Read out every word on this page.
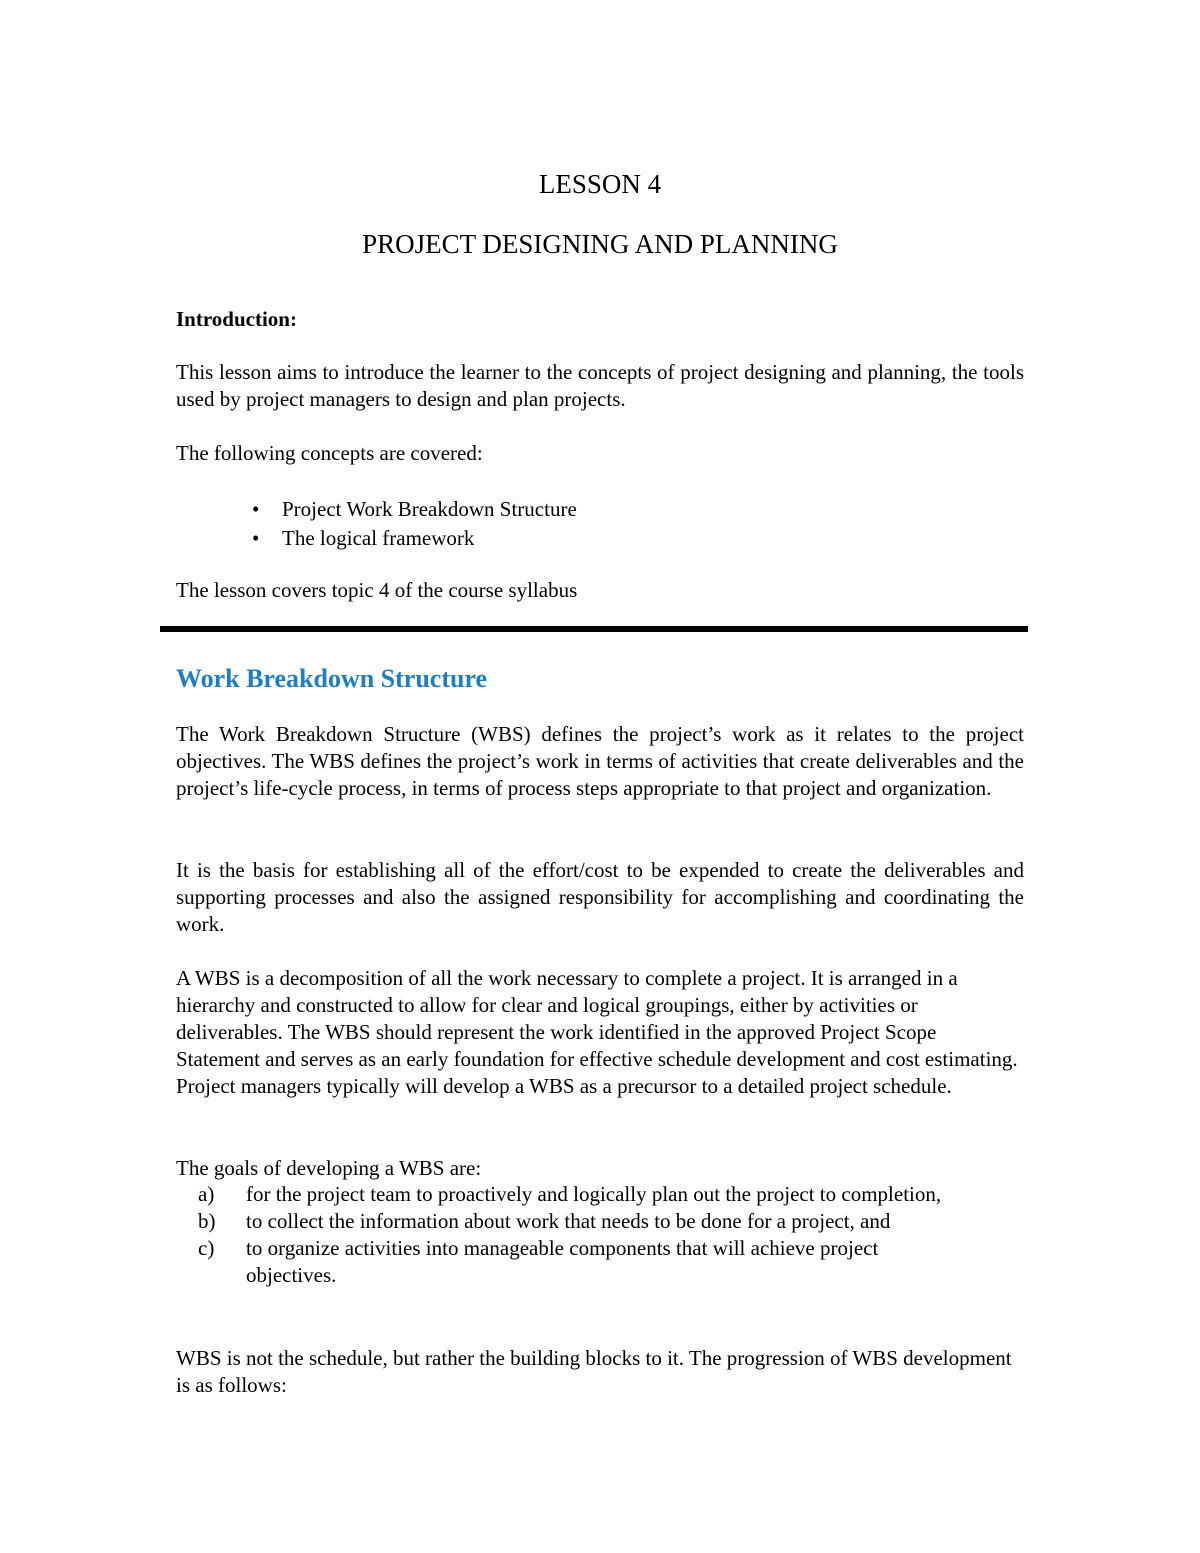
LESSON 4
PROJECT DESIGNING AND PLANNING

Introduction:

This lesson aims to introduce the learner to the concepts of project designing and planning, the tools used by project managers to design and plan projects.

The following concepts are covered:

• Project Work Breakdown Structure
• The logical framework

The lesson covers topic 4 of the course syllabus

Work Breakdown Structure

The Work Breakdown Structure (WBS) defines the project’s work as it relates to the project objectives. The WBS defines the project’s work in terms of activities that create deliverables and the project’s life-cycle process, in terms of process steps appropriate to that project and organization.

It is the basis for establishing all of the effort/cost to be expended to create the deliverables and supporting processes and also the assigned responsibility for accomplishing and coordinating the work.

A WBS is a decomposition of all the work necessary to complete a project. It is arranged in a hierarchy and constructed to allow for clear and logical groupings, either by activities or deliverables. The WBS should represent the work identified in the approved Project Scope Statement and serves as an early foundation for effective schedule development and cost estimating. Project managers typically will develop a WBS as a precursor to a detailed project schedule.

The goals of developing a WBS are:

a) for the project team to proactively and logically plan out the project to completion,
b) to collect the information about work that needs to be done for a project, and
c) to organize activities into manageable components that will achieve project objectives.

WBS is not the schedule, but rather the building blocks to it. The progression of WBS development is as follows:
